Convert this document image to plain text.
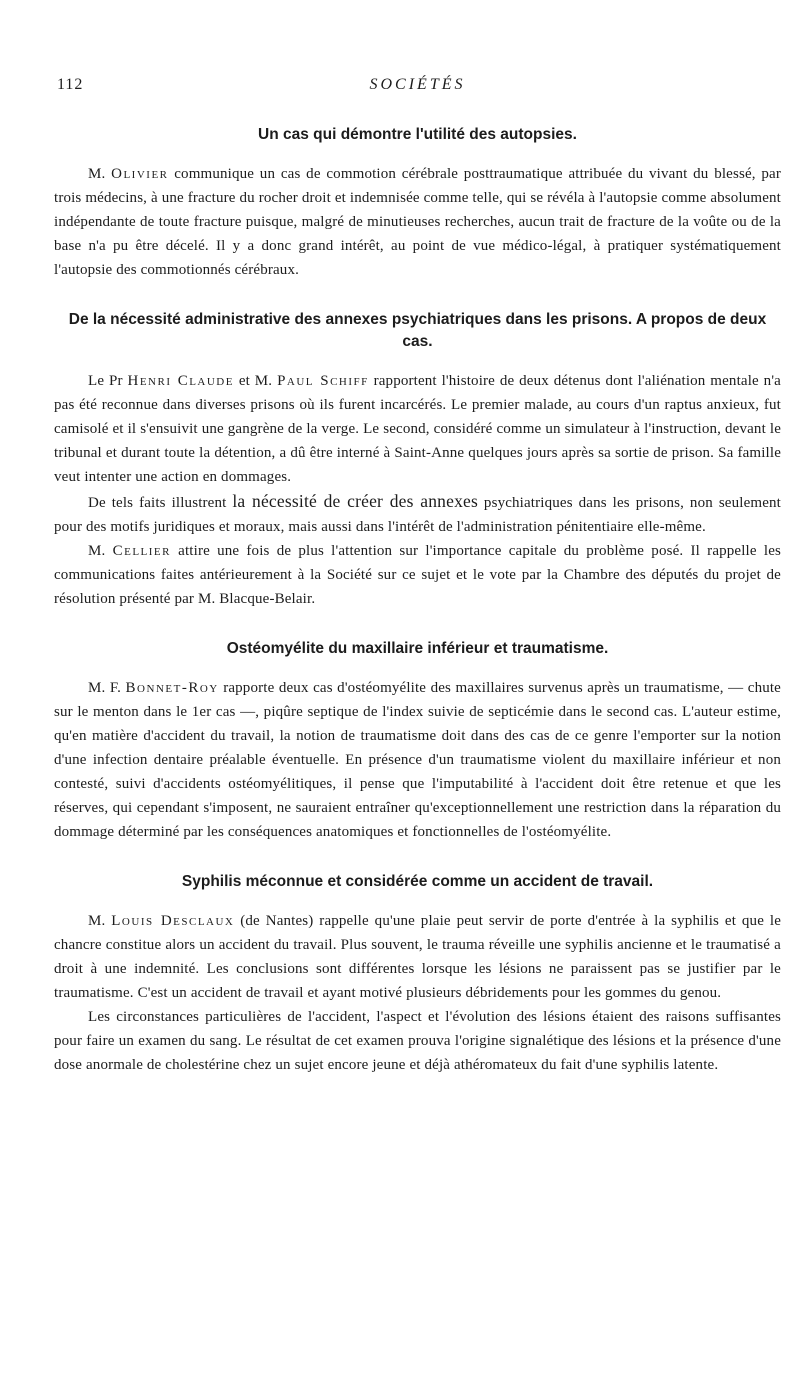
112	SOCIÉTÉS
Un cas qui démontre l'utilité des autopsies.

M. Olivier communique un cas de commotion cérébrale posttraumatique attribuée du vivant du blessé, par trois médecins, à une fracture du rocher droit et indemnisée comme telle, qui se révéla à l'autopsie comme absolument indépendante de toute fracture puisque, malgré de minutieuses recherches, aucun trait de fracture de la voûte ou de la base n'a pu être décelé. Il y a donc grand intérêt, au point de vue médico-légal, à pratiquer systématiquement l'autopsie des commotionnés cérébraux.

De la nécessité administrative des annexes psychiatriques dans les prisons. A propos de deux cas.

Le Pr Henri Claude et M. Paul Schiff rapportent l'histoire de deux détenus dont l'aliénation mentale n'a pas été reconnue dans diverses prisons où ils furent incarcérés. Le premier malade, au cours d'un raptus anxieux, fut camisolé et il s'ensuivit une gangrène de la verge. Le second, considéré comme un simulateur à l'instruction, devant le tribunal et durant toute la détention, a dû être interné à Saint-Anne quelques jours après sa sortie de prison. Sa famille veut intenter une action en dommages.

De tels faits illustrent la nécessité de créer des annexes psychiatriques dans les prisons, non seulement pour des motifs juridiques et moraux, mais aussi dans l'intérêt de l'administration pénitentiaire elle-même.

M. Cellier attire une fois de plus l'attention sur l'importance capitale du problème posé. Il rappelle les communications faites antérieurement à la Société sur ce sujet et le vote par la Chambre des députés du projet de résolution présenté par M. Blacque-Belair.

Ostéomyélite du maxillaire inférieur et traumatisme.

M. F. Bonnet-Roy rapporte deux cas d'ostéomyélite des maxillaires survenus après un traumatisme, — chute sur le menton dans le 1er cas —, piqûre septique de l'index suivie de septicémie dans le second cas. L'auteur estime, qu'en matière d'accident du travail, la notion de traumatisme doit dans des cas de ce genre l'emporter sur la notion d'une infection dentaire préalable éventuelle. En présence d'un traumatisme violent du maxillaire inférieur et non contesté, suivi d'accidents ostéomyélitiques, il pense que l'imputabilité à l'accident doit être retenue et que les réserves, qui cependant s'imposent, ne sauraient entraîner qu'exceptionnellement une restriction dans la réparation du dommage déterminé par les conséquences anatomiques et fonctionnelles de l'ostéomyélite.

Syphilis méconnue et considérée comme un accident de travail.

M. Louis Desclaux (de Nantes) rappelle qu'une plaie peut servir de porte d'entrée à la syphilis et que le chancre constitue alors un accident du travail. Plus souvent, le trauma réveille une syphilis ancienne et le traumatisé a droit à une indemnité. Les conclusions sont différentes lorsque les lésions ne paraissent pas se justifier par le traumatisme. C'est un accident de travail et ayant motivé plusieurs débridements pour les gommes du genou.

Les circonstances particulières de l'accident, l'aspect et l'évolution des lésions étaient des raisons suffisantes pour faire un examen du sang. Le résultat de cet examen prouva l'origine signalétique des lésions et la présence d'une dose anormale de cholestérine chez un sujet encore jeune et déjà athéromateux du fait d'une syphilis latente.
